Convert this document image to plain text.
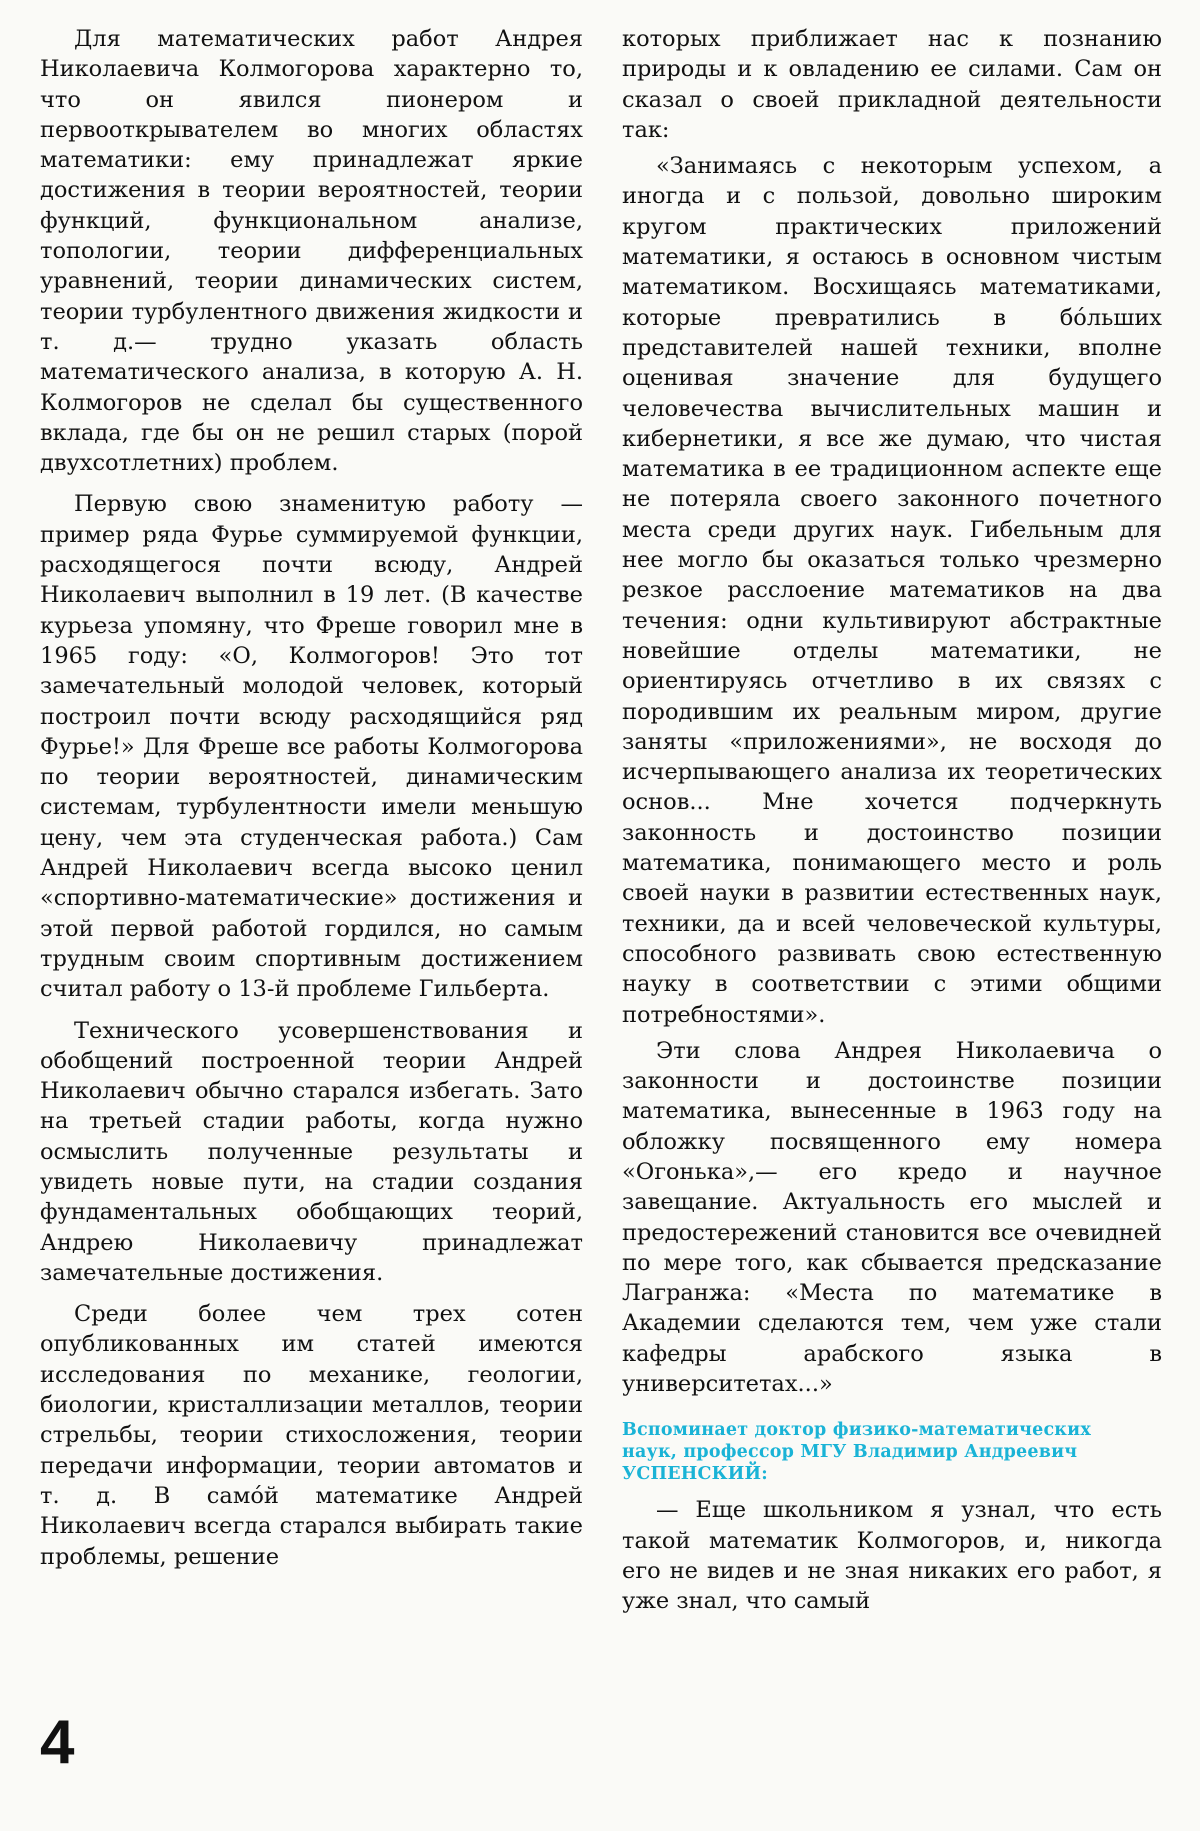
Для математических работ Андрея Николаевича Колмогорова характерно то, что он явился пионером и первооткрывателем во многих областях математики: ему принадлежат яркие достижения в теории вероятностей, теории функций, функциональном анализе, топологии, теории дифференциальных уравнений, теории динамических систем, теории турбулентного движения жидкости и т. д.— трудно указать область математического анализа, в которую А. Н. Колмогоров не сделал бы существенного вклада, где бы он не решил старых (порой двухсотлетних) проблем.

Первую свою знаменитую работу — пример ряда Фурье суммируемой функции, расходящегося почти всюду, Андрей Николаевич выполнил в 19 лет. (В качестве курьеза упомяну, что Фреше говорил мне в 1965 году: «О, Колмогоров! Это тот замечательный молодой человек, который построил почти всюду расходящийся ряд Фурье!» Для Фреше все работы Колмогорова по теории вероятностей, динамическим системам, турбулентности имели меньшую цену, чем эта студенческая работа.) Сам Андрей Николаевич всегда высоко ценил «спортивно-математические» достижения и этой первой работой гордился, но самым трудным своим спортивным достижением считал работу о 13-й проблеме Гильберта.

Технического усовершенствования и обобщений построенной теории Андрей Николаевич обычно старался избегать. Зато на третьей стадии работы, когда нужно осмыслить полученные результаты и увидеть новые пути, на стадии создания фундаментальных обобщающих теорий, Андрею Николаевичу принадлежат замечательные достижения.

Среди более чем трех сотен опубликованных им статей имеются исследования по механике, геологии, биологии, кристаллизации металлов, теории стрельбы, теории стихосложения, теории передачи информации, теории автоматов и т. д. В самóй математике Андрей Николаевич всегда старался выбирать такие проблемы, решение

которых приближает нас к познанию природы и к овладению ее силами. Сам он сказал о своей прикладной деятельности так:

«Занимаясь с некоторым успехом, а иногда и с пользой, довольно широким кругом практических приложений математики, я остаюсь в основном чистым математиком. Восхищаясь математиками, которые превратились в бóльших представителей нашей техники, вполне оценивая значение для будущего человечества вычислительных машин и кибернетики, я все же думаю, что чистая математика в ее традиционном аспекте еще не потеряла своего законного почетного места среди других наук. Гибельным для нее могло бы оказаться только чрезмерно резкое расслоение математиков на два течения: одни культивируют абстрактные новейшие отделы математики, не ориентируясь отчетливо в их связях с породившим их реальным миром, другие заняты «приложениями», не восходя до исчерпывающего анализа их теоретических основ... Мне хочется подчеркнуть законность и достоинство позиции математика, понимающего место и роль своей науки в развитии естественных наук, техники, да и всей человеческой культуры, способного развивать свою естественную науку в соответствии с этими общими потребностями».

Эти слова Андрея Николаевича о законности и достоинстве позиции математика, вынесенные в 1963 году на обложку посвященного ему номера «Огонька»,— его кредо и научное завещание. Актуальность его мыслей и предостережений становится все очевидней по мере того, как сбывается предсказание Лагранжа: «Места по математике в Академии сделаются тем, чем уже стали кафедры арабского языка в университетах...»

Вспоминает доктор физико-математических
наук, профессор МГУ Владимир Андреевич
УСПЕНСКИЙ:

— Еще школьником я узнал, что есть такой математик Колмогоров, и, никогда его не видев и не зная никаких его работ, я уже знал, что самый

4
